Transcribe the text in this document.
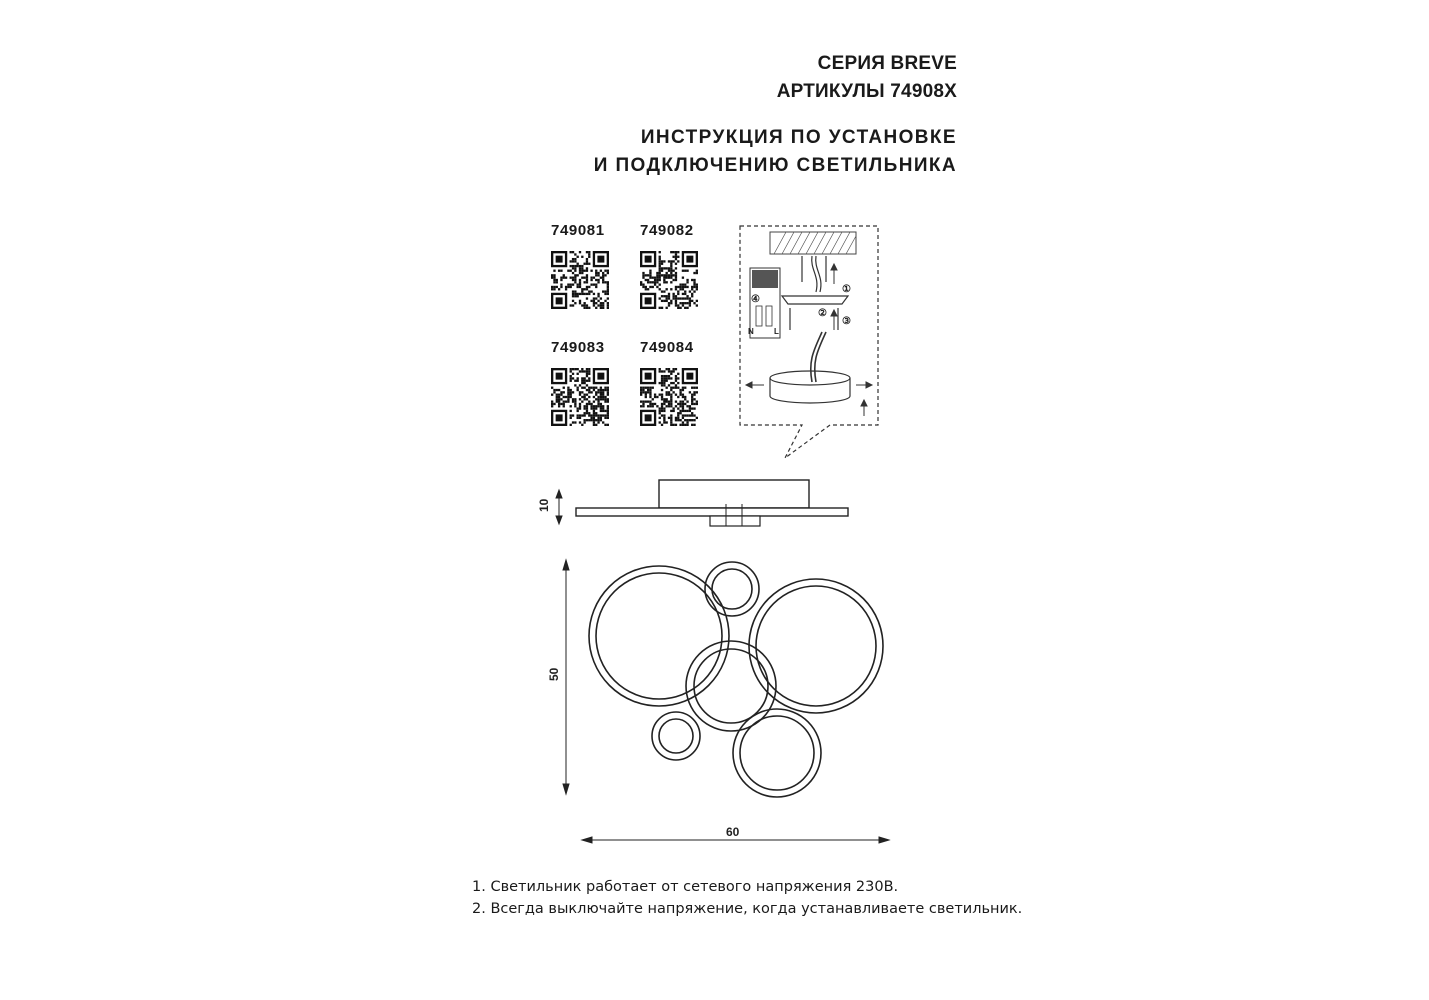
СЕРИЯ BREVE
АРТИКУЛЫ 74908X
ИНСТРУКЦИЯ ПО УСТАНОВКЕ
И ПОДКЛЮЧЕНИЮ СВЕТИЛЬНИКА
749081 749082
749083 749084
①
②
③
④
N	L
10
50
60
1. Светильник работает от сетевого напряжения 230В.
2. Всегда выключайте напряжение, когда устанавливаете светильник.
